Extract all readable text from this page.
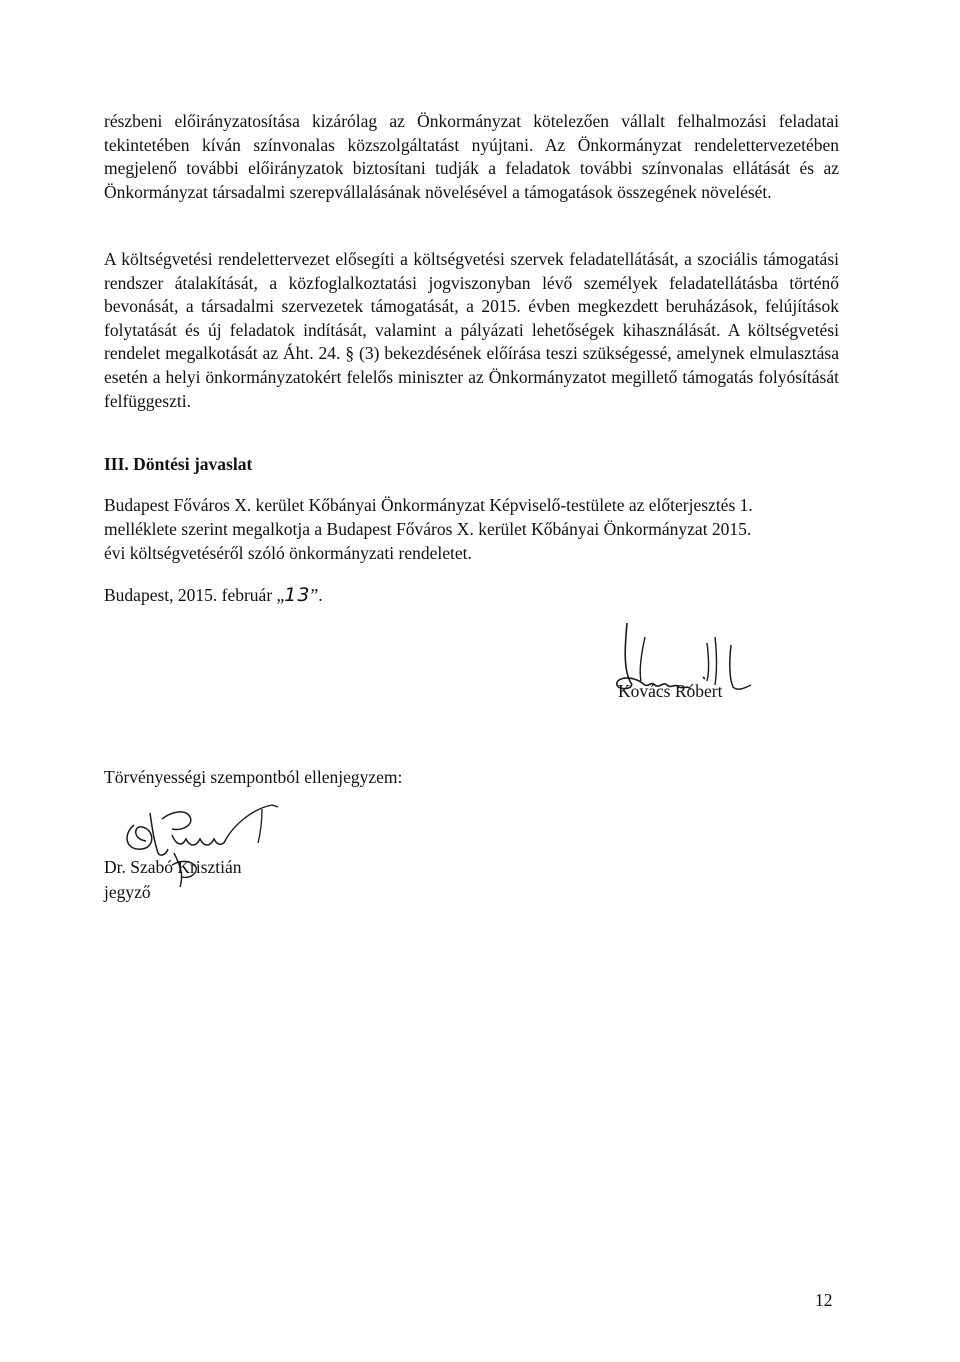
részbeni előirányzatosítása kizárólag az Önkormányzat kötelezően vállalt felhalmozási feladatai tekintetében kíván színvonalas közszolgáltatást nyújtani. Az Önkormányzat rendelettervezetében megjelenő további előirányzatok biztosítani tudják a feladatok további színvonalas ellátását és az Önkormányzat társadalmi szerepvállalásának növelésével a támogatások összegének növelését.

A költségvetési rendelettervezet elősegíti a költségvetési szervek feladatellátását, a szociális támogatási rendszer átalakítását, a közfoglalkoztatási jogviszonyban lévő személyek feladatellátásba történő bevonását, a társadalmi szervezetek támogatását, a 2015. évben megkezdett beruházások, felújítások folytatását és új feladatok indítását, valamint a pályázati lehetőségek kihasználását. A költségvetési rendelet megalkotását az Áht. 24. § (3) bekezdésének előírása teszi szükségessé, amelynek elmulasztása esetén a helyi önkormányzatokért felelős miniszter az Önkormányzatot megillető támogatás folyósítását felfüggeszti.

III. Döntési javaslat
Budapest Főváros X. kerület Kőbányai Önkormányzat Képviselő-testülete az előterjesztés 1.
melléklete szerint megalkotja a Budapest Főváros X. kerület Kőbányai Önkormányzat 2015.
évi költségvetéséről szóló önkormányzati rendeletet.
Budapest, 2015. február „13”.
Kovács Róbert
Törvényességi szempontból ellenjegyzem:
Dr. Szabó Krisztián
jegyző
12
